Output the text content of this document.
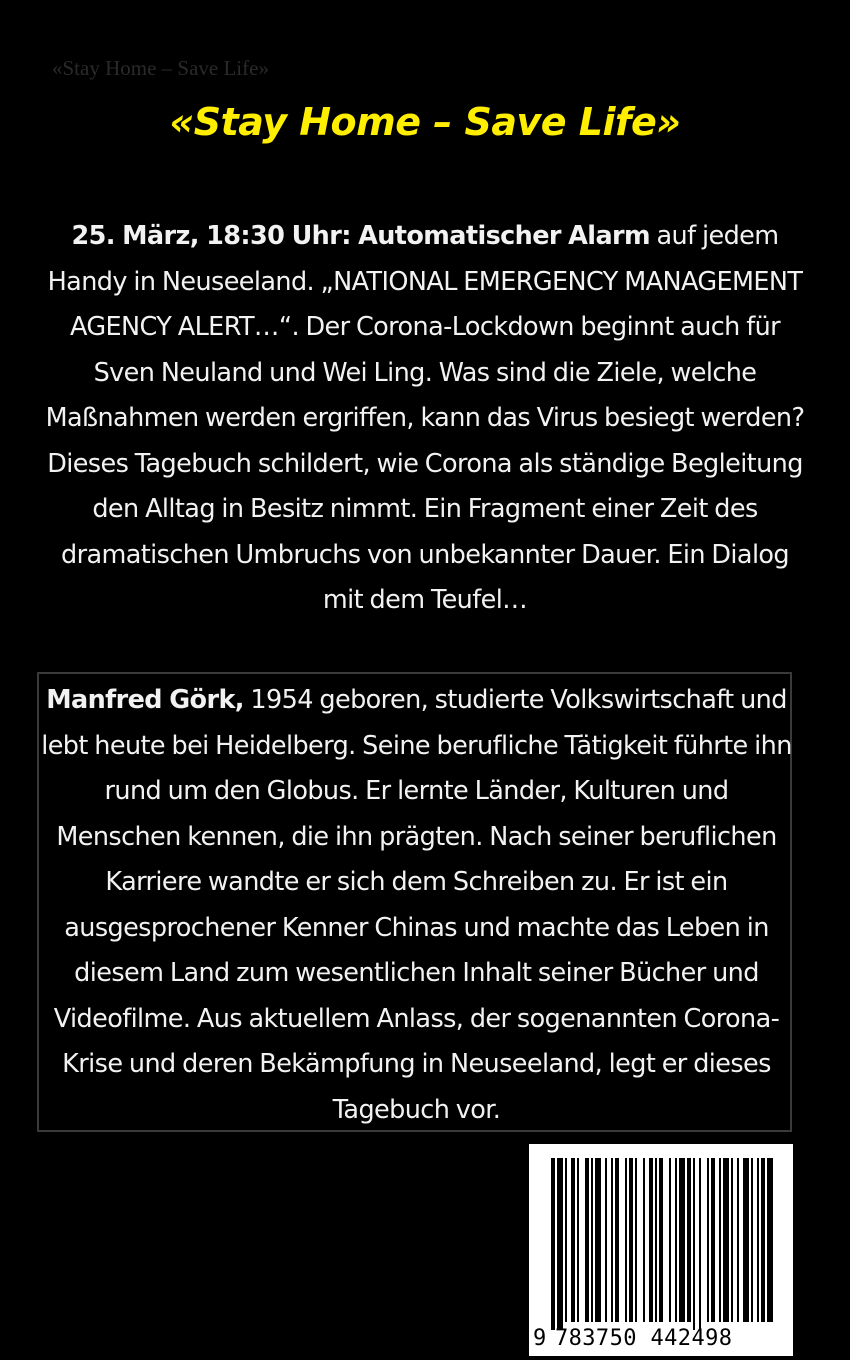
«Stay Home – Save Life»
«Stay Home – Save Life»

25. März, 18:30 Uhr: Automatischer Alarm auf jedem Handy in Neuseeland. „NATIONAL EMERGENCY MANAGEMENT AGENCY ALERT…“. Der Corona-Lockdown beginnt auch für Sven Neuland und Wei Ling. Was sind die Ziele, welche Maßnahmen werden ergriffen, kann das Virus besiegt werden? Dieses Tagebuch schildert, wie Corona als ständige Begleitung den Alltag in Besitz nimmt. Ein Fragment einer Zeit des dramatischen Umbruchs von unbekannter Dauer. Ein Dialog mit dem Teufel…

Manfred Görk, 1954 geboren, studierte Volkswirtschaft und lebt heute bei Heidelberg. Seine berufliche Tätigkeit führte ihn rund um den Globus. Er lernte Länder, Kulturen und Menschen kennen, die ihn prägten. Nach seiner beruflichen Karriere wandte er sich dem Schreiben zu. Er ist ein ausgesprochener Kenner Chinas und machte das Leben in diesem Land zum wesentlichen Inhalt seiner Bücher und Videofilme. Aus aktuellem Anlass, der sogenannten Corona-Krise und deren Bekämpfung in Neuseeland, legt er dieses Tagebuch vor.

9 783750 442498
